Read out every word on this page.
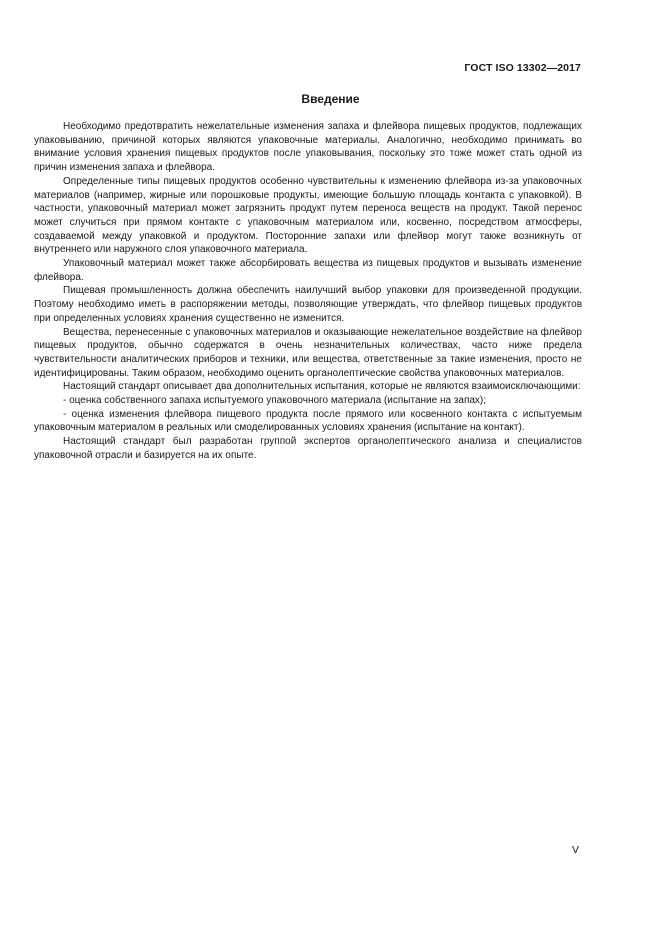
ГОСТ ISO 13302—2017
Введение

Необходимо предотвратить нежелательные изменения запаха и флейвора пищевых продуктов, подлежащих упаковыванию, причиной которых являются упаковочные материалы. Аналогично, необходимо принимать во внимание условия хранения пищевых продуктов после упаковывания, поскольку это тоже может стать одной из причин изменения запаха и флейвора.

Определенные типы пищевых продуктов особенно чувствительны к изменению флейвора из-за упаковочных материалов (например, жирные или порошковые продукты, имеющие большую площадь контакта с упаковкой). В частности, упаковочный материал может загрязнить продукт путем переноса веществ на продукт. Такой перенос может случиться при прямом контакте с упаковочным материалом или, косвенно, посредством атмосферы, создаваемой между упаковкой и продуктом. Посторонние запахи или флейвор могут также возникнуть от внутреннего или наружного слоя упаковочного материала.

Упаковочный материал может также абсорбировать вещества из пищевых продуктов и вызывать изменение флейвора.

Пищевая промышленность должна обеспечить наилучший выбор упаковки для произведенной продукции. Поэтому необходимо иметь в распоряжении методы, позволяющие утверждать, что флейвор пищевых продуктов при определенных условиях хранения существенно не изменится.

Вещества, перенесенные с упаковочных материалов и оказывающие нежелательное воздействие на флейвор пищевых продуктов, обычно содержатся в очень незначительных количествах, часто ниже предела чувствительности аналитических приборов и техники, или вещества, ответственные за такие изменения, просто не идентифицированы. Таким образом, необходимо оценить органолептические свойства упаковочных материалов.

Настоящий стандарт описывает два дополнительных испытания, которые не являются взаимоисключающими:

- оценка собственного запаха испытуемого упаковочного материала (испытание на запах);

- оценка изменения флейвора пищевого продукта после прямого или косвенного контакта с испытуемым упаковочным материалом в реальных или смоделированных условиях хранения (испытание на контакт).

Настоящий стандарт был разработан группой экспертов органолептического анализа и специалистов упаковочной отрасли и базируется на их опыте.

V
